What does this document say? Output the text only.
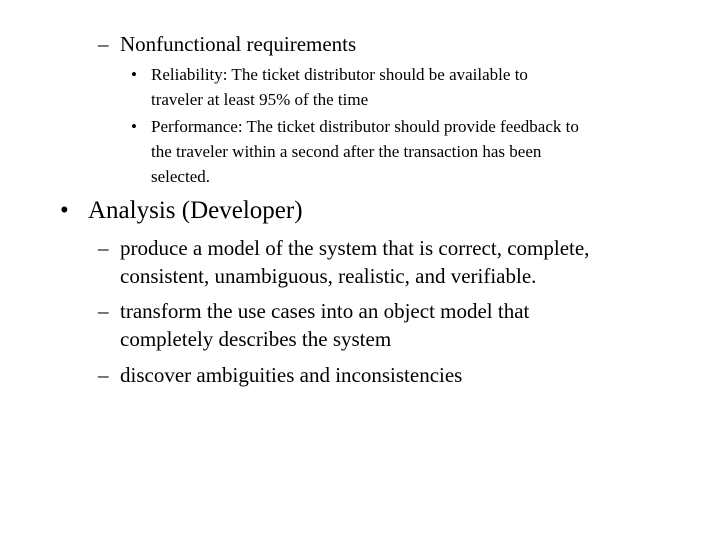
– Nonfunctional requirements
• Reliability: The ticket distributor should be available to
traveler at least 95% of the time
• Performance: The ticket distributor should provide feedback to
the traveler within a second after the transaction has been
selected.
• Analysis (Developer)
– produce a model of the system that is correct, complete,
consistent, unambiguous, realistic, and verifiable.
– transform the use cases into an object model that
completely describes the system
– discover ambiguities and inconsistencies
